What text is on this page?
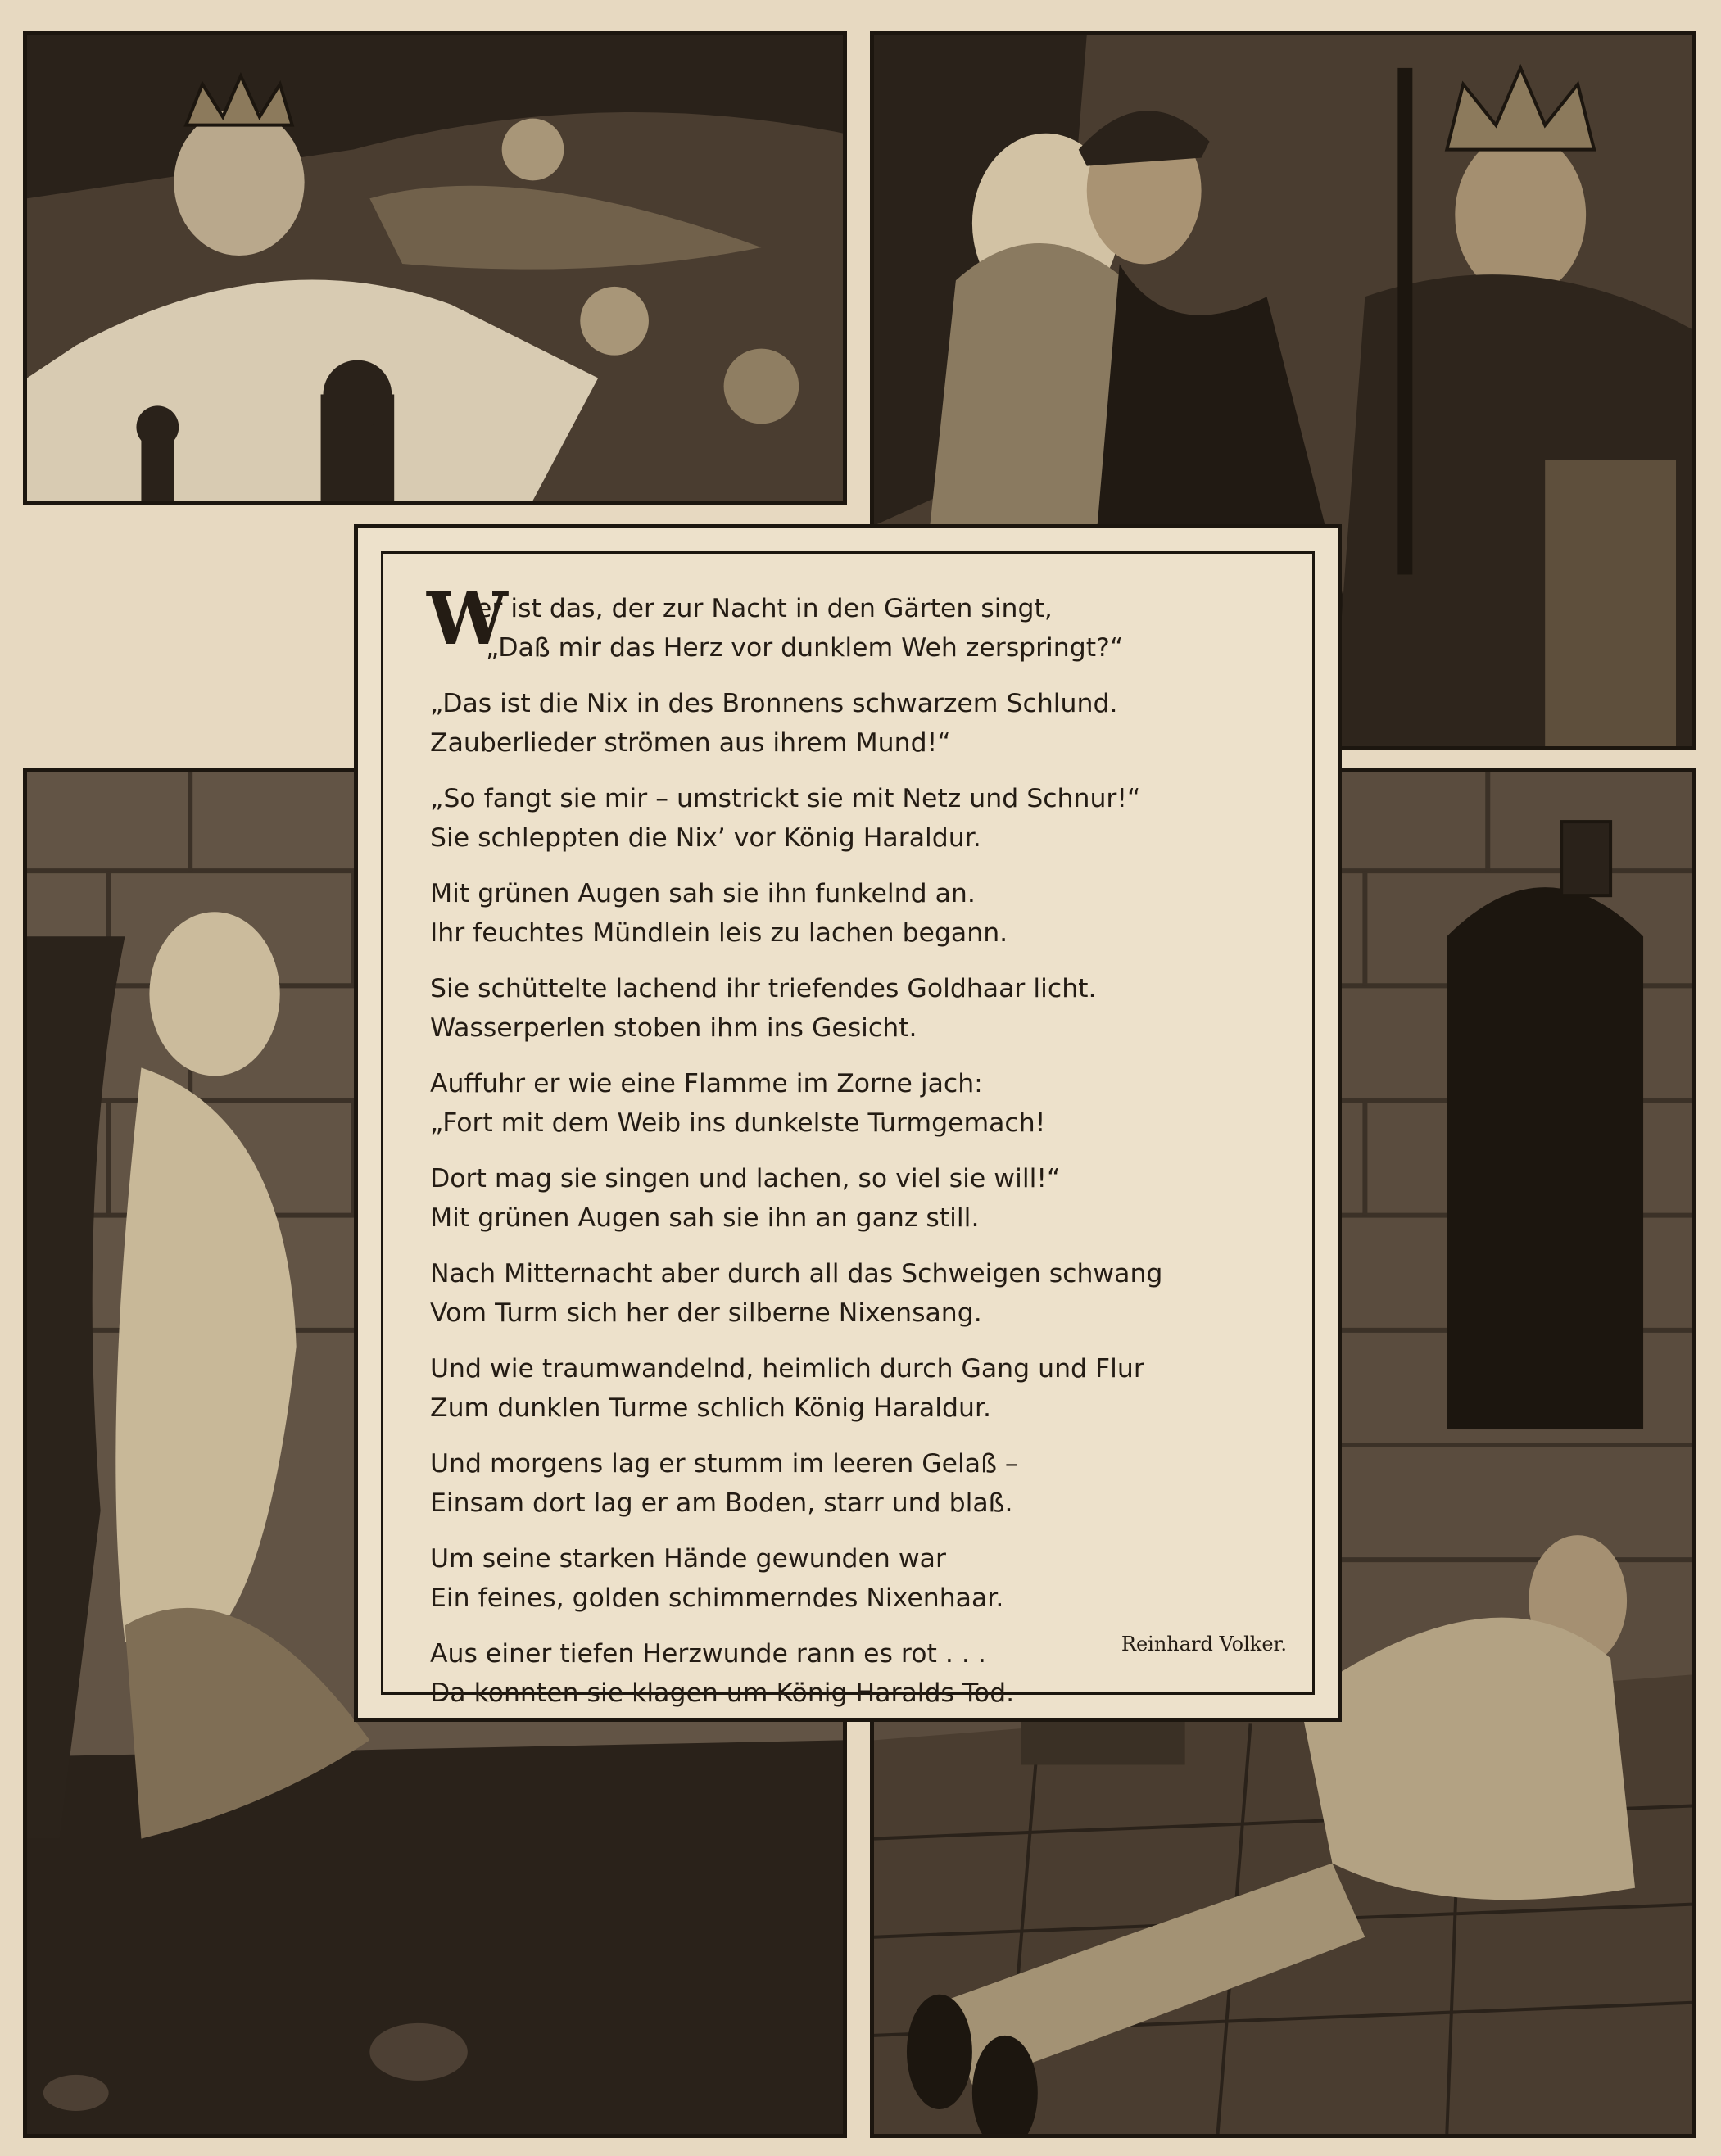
W
er ist das, der zur Nacht in den Gärten singt,
„Daß mir das Herz vor dunklem Weh zerspringt?“
„Das ist die Nix in des Bronnens schwarzem Schlund.
Zauberlieder strömen aus ihrem Mund!“
„So fangt sie mir – umstrickt sie mit Netz und Schnur!“
Sie schleppten die Nix’ vor König Haraldur.
Mit grünen Augen sah sie ihn funkelnd an.
Ihr feuchtes Mündlein leis zu lachen begann.
Sie schüttelte lachend ihr triefendes Goldhaar licht.
Wasserperlen stoben ihm ins Gesicht.
Auffuhr er wie eine Flamme im Zorne jach:
„Fort mit dem Weib ins dunkelste Turmgemach!
Dort mag sie singen und lachen, so viel sie will!“
Mit grünen Augen sah sie ihn an ganz still.
Nach Mitternacht aber durch all das Schweigen schwang
Vom Turm sich her der silberne Nixensang.
Und wie traumwandelnd, heimlich durch Gang und Flur
Zum dunklen Turme schlich König Haraldur.
Und morgens lag er stumm im leeren Gelaß –
Einsam dort lag er am Boden, starr und blaß.
Um seine starken Hände gewunden war
Ein feines, golden schimmerndes Nixenhaar.
Aus einer tiefen Herzwunde rann es rot . . .
Da konnten sie klagen um König Haralds Tod.
Reinhard Volker.
